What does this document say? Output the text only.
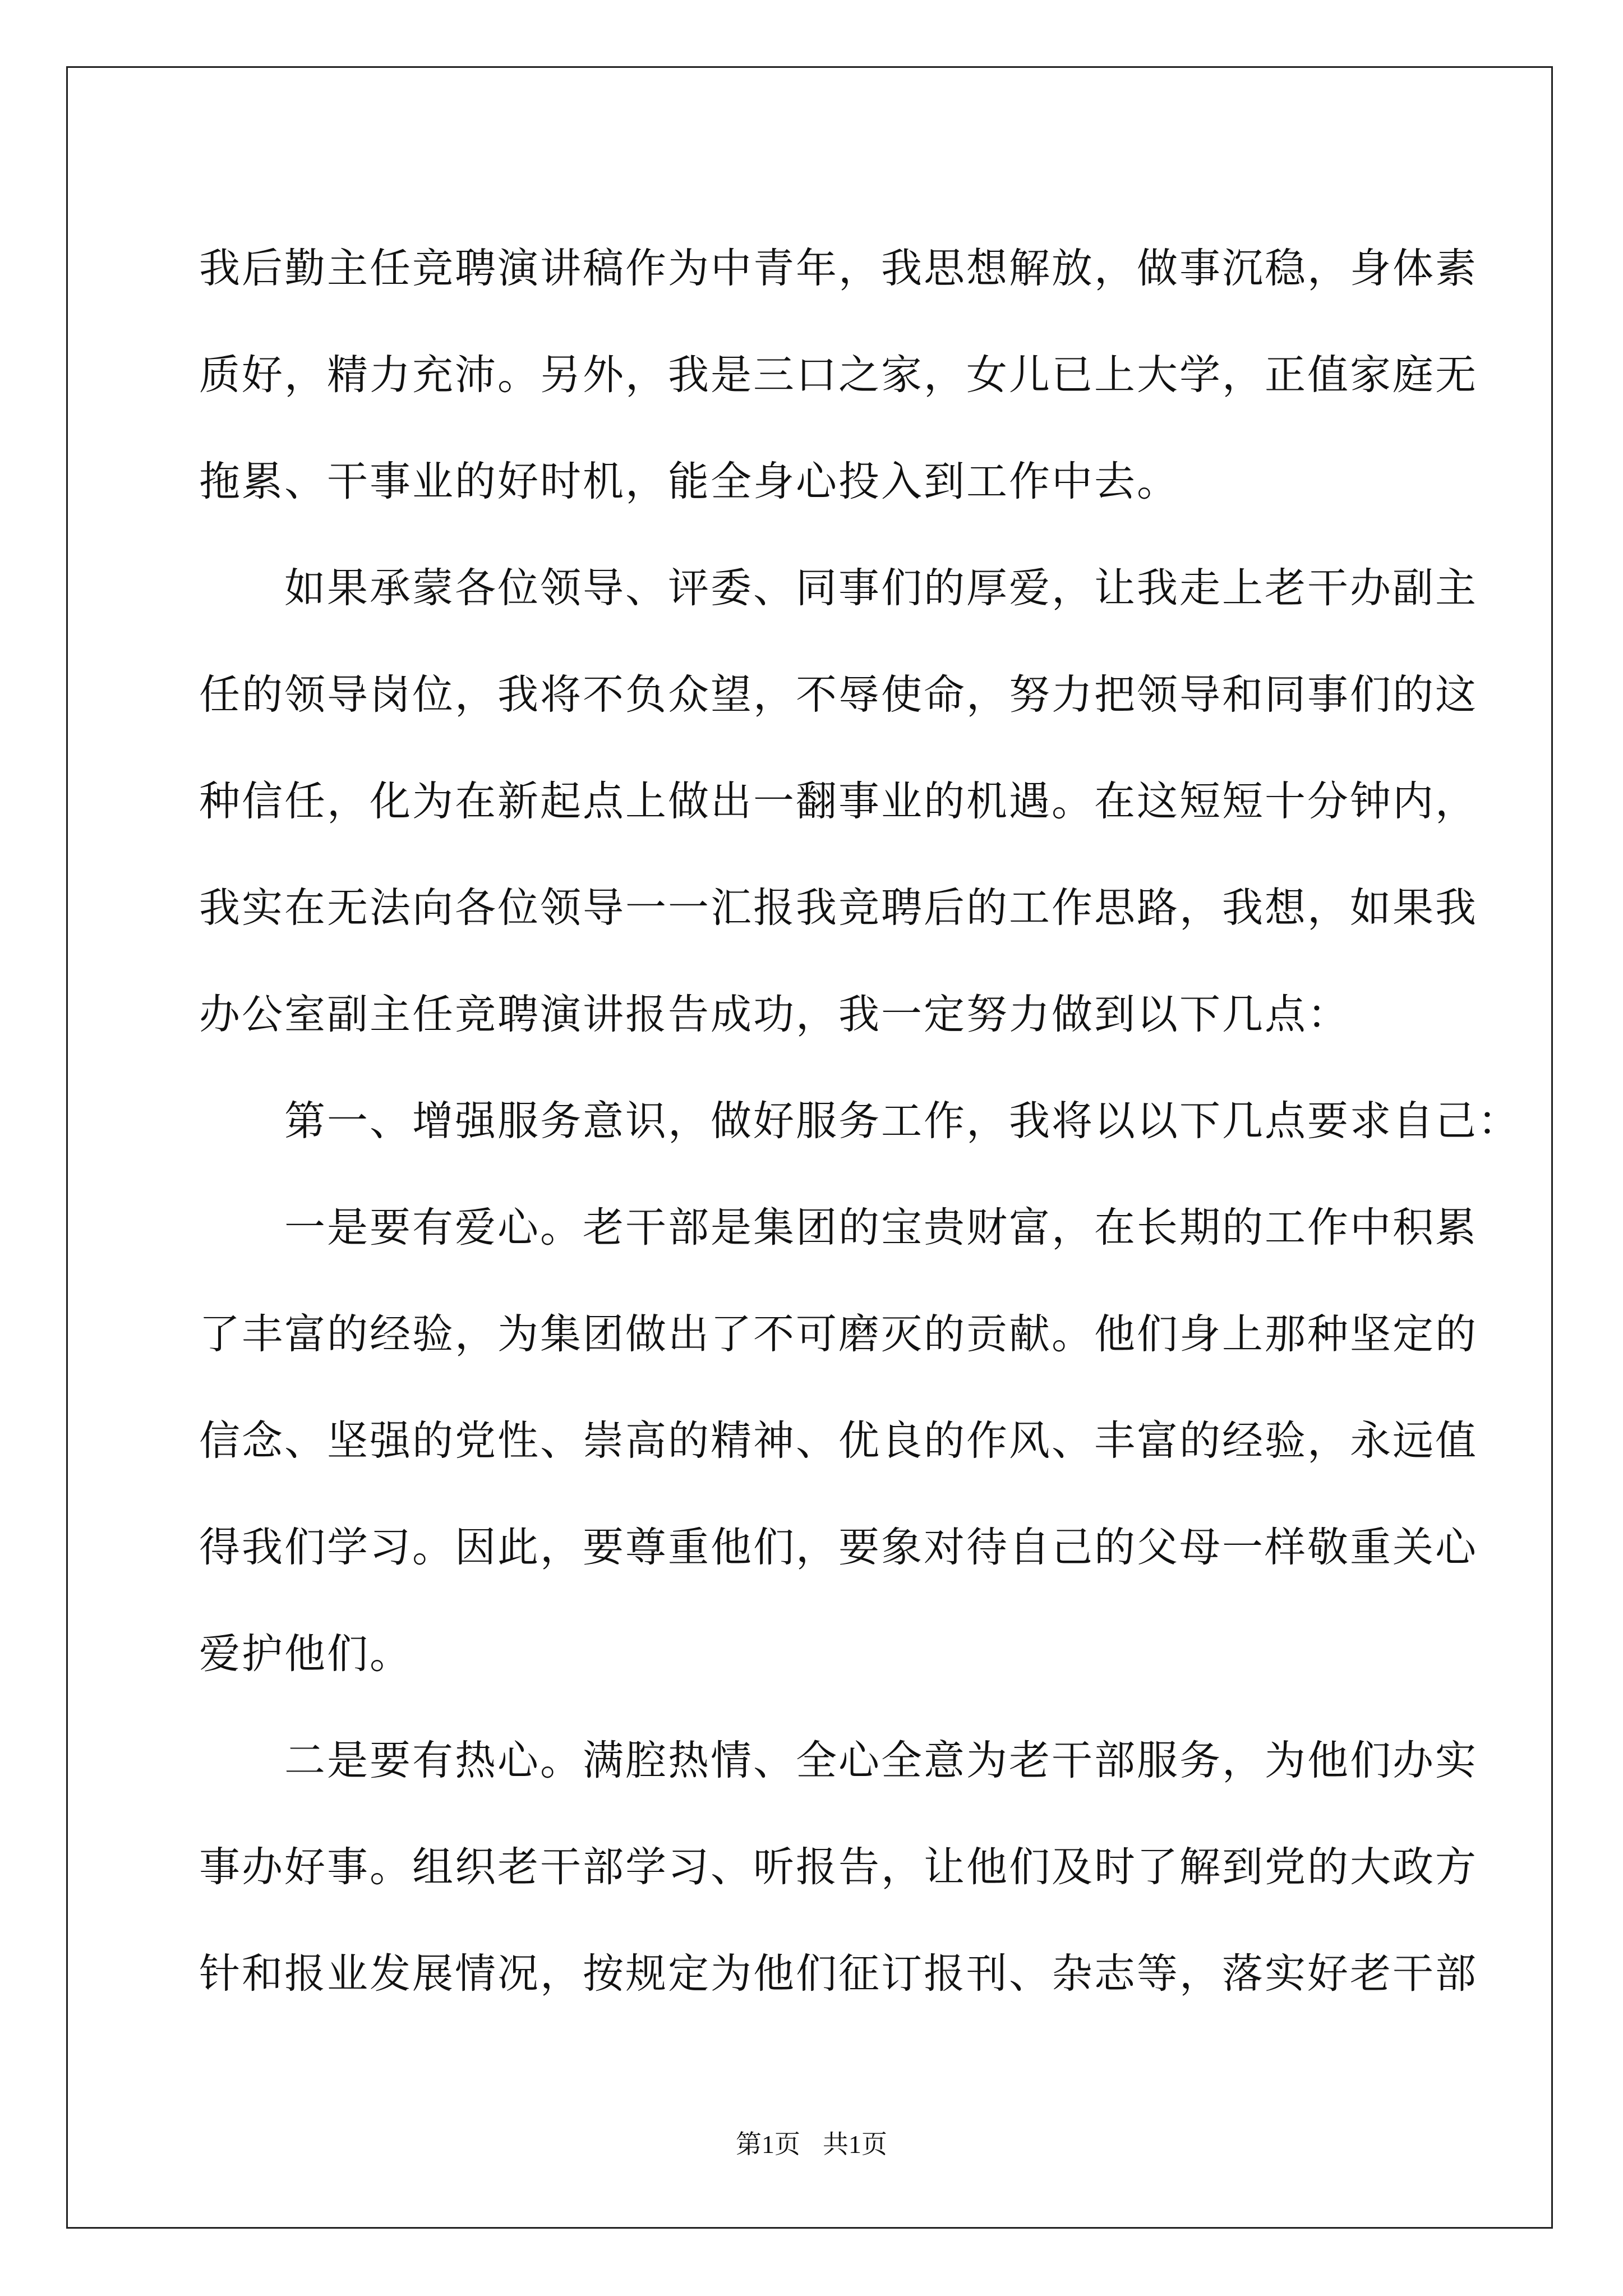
我后勤主任竞聘演讲稿作为中青年，我思想解放，做事沉稳，身体素
质好，精力充沛。另外，我是三口之家，女儿已上大学，正值家庭无
拖累、干事业的好时机，能全身心投入到工作中去。
　　如果承蒙各位领导、评委、同事们的厚爱，让我走上老干办副主
任的领导岗位，我将不负众望，不辱使命，努力把领导和同事们的这
种信任，化为在新起点上做出一翻事业的机遇。在这短短十分钟内，
我实在无法向各位领导一一汇报我竞聘后的工作思路，我想，如果我
办公室副主任竞聘演讲报告成功，我一定努力做到以下几点：
　　第一、增强服务意识，做好服务工作，我将以以下几点要求自己：
　　一是要有爱心。老干部是集团的宝贵财富，在长期的工作中积累
了丰富的经验，为集团做出了不可磨灭的贡献。他们身上那种坚定的
信念、坚强的党性、崇高的精神、优良的作风、丰富的经验，永远值
得我们学习。因此，要尊重他们，要象对待自己的父母一样敬重关心
爱护他们。
　　二是要有热心。满腔热情、全心全意为老干部服务，为他们办实
事办好事。组织老干部学习、听报告，让他们及时了解到党的大政方
针和报业发展情况，按规定为他们征订报刊、杂志等，落实好老干部
第1页 共1页
